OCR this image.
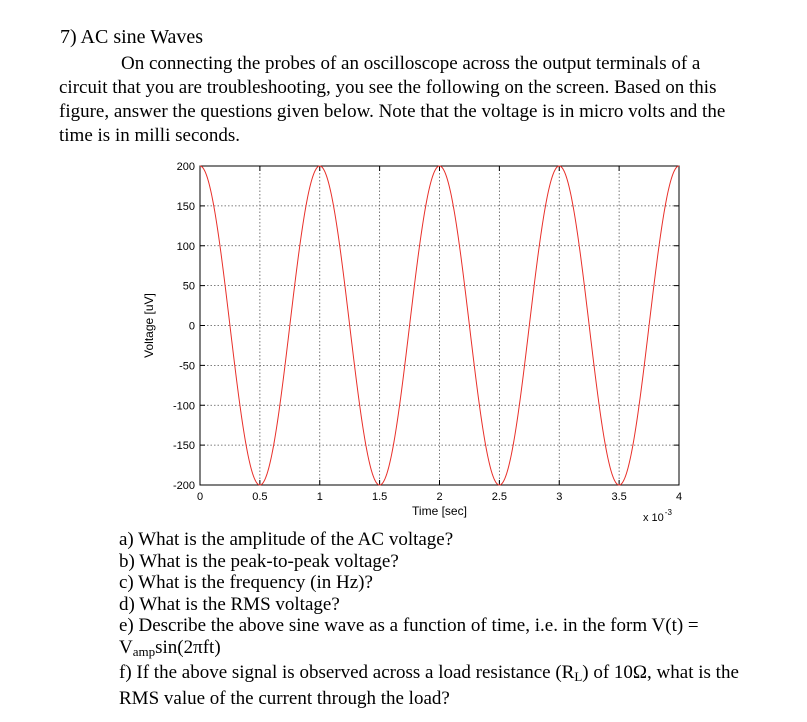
7) AC sine Waves
On connecting the probes of an oscilloscope across the output terminals of a
circuit that you are troubleshooting, you see the following on the screen. Based on this
figure, answer the questions given below. Note that the voltage is in micro volts and the
time is in milli seconds.
0	0.5	1	1.5	2	2.5	3	3.5	4
200
150
100
50
0
-50
-100
-150
-200
Time [sec]
Voltage [uV]
x $10^{-3}$
a) What is the amplitude of the AC voltage?
b) What is the peak-to-peak voltage?
c) What is the frequency (in Hz)?
d) What is the RMS voltage?
e) Describe the above sine wave as a function of time, i.e. in the form V(t) =
$V_{amp}\sin(2\pi ft)$
f) If the above signal is observed across a load resistance $(R_L)$ of 10Ω, what is the
RMS value of the current through the load?
